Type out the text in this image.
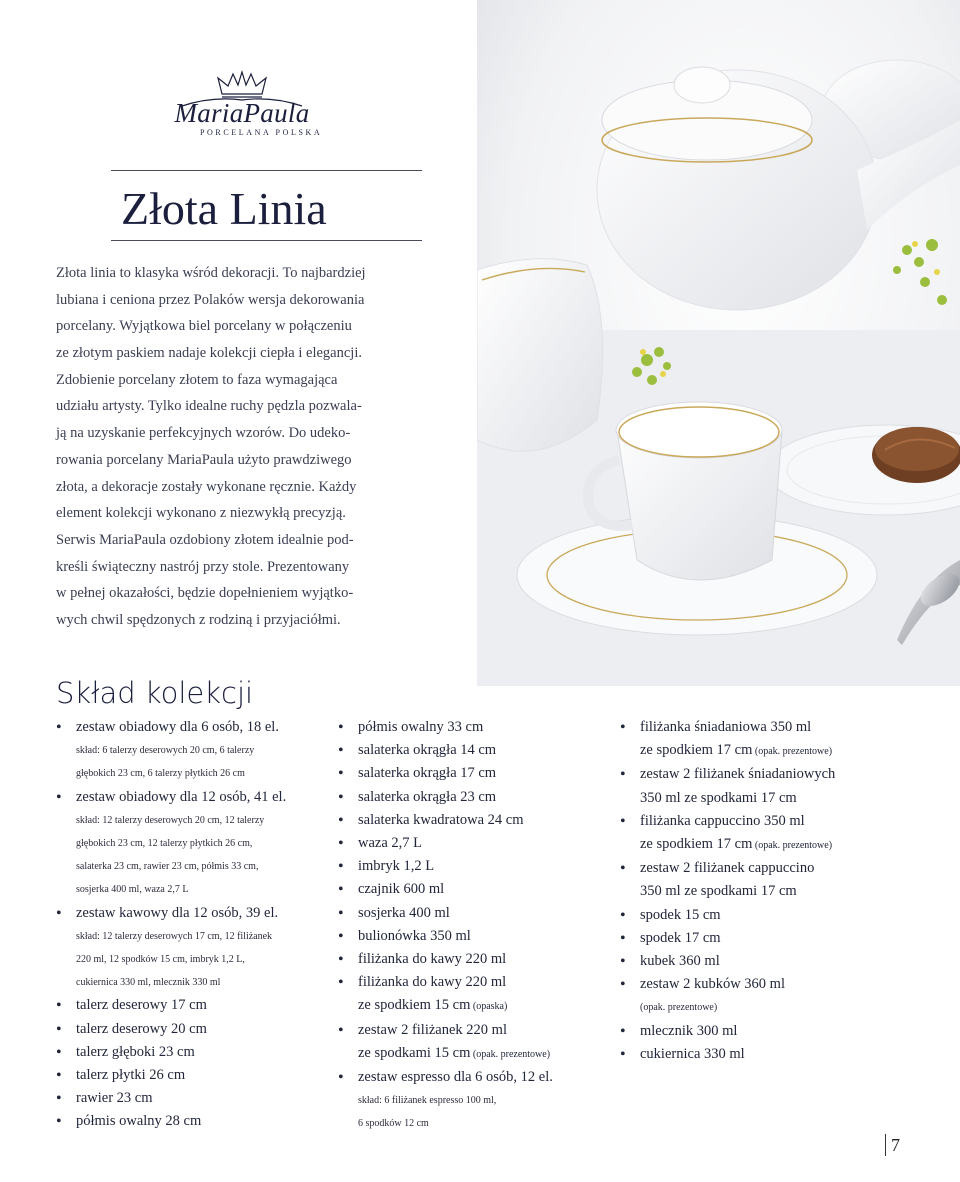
MariaPaula
PORCELANA POLSKA
Złota Linia

Złota linia to klasyka wśród dekoracji. To najbardziej
lubiana i ceniona przez Polaków wersja dekorowania
porcelany. Wyjątkowa biel porcelany w połączeniu
ze złotym paskiem nadaje kolekcji ciepła i elegancji.
Zdobienie porcelany złotem to faza wymagająca
udziału artysty. Tylko idealne ruchy pędzla pozwala-
ją na uzyskanie perfekcyjnych wzorów. Do udeko-
rowania porcelany MariaPaula użyto prawdziwego
złota, a dekoracje zostały wykonane ręcznie. Każdy
element kolekcji wykonano z niezwykłą precyzją.
Serwis MariaPaula ozdobiony złotem idealnie pod-
kreśli świąteczny nastrój przy stole. Prezentowany
w pełnej okazałości, będzie dopełnieniem wyjątko-
wych chwil spędzonych z rodziną i przyjaciółmi.

Skład kolekcji
• zestaw obiadowy dla 6 osób, 18 el.
skład: 6 talerzy deserowych 20 cm, 6 talerzy
głębokich 23 cm, 6 talerzy płytkich 26 cm
• zestaw obiadowy dla 12 osób, 41 el.
skład: 12 talerzy deserowych 20 cm, 12 talerzy
głębokich 23 cm, 12 talerzy płytkich 26 cm,
salaterka 23 cm, rawier 23 cm, półmis 33 cm,
sosjerka 400 ml, waza 2,7 L
• zestaw kawowy dla 12 osób, 39 el.
skład: 12 talerzy deserowych 17 cm, 12 filiżanek
220 ml, 12 spodków 15 cm, imbryk 1,2 L,
cukiernica 330 ml, mlecznik 330 ml
• talerz deserowy 17 cm
• talerz deserowy 20 cm
• talerz głęboki 23 cm
• talerz płytki 26 cm
• rawier 23 cm
• półmis owalny 28 cm
• półmis owalny 33 cm
• salaterka okrągła 14 cm
• salaterka okrągła 17 cm
• salaterka okrągła 23 cm
• salaterka kwadratowa 24 cm
• waza 2,7 L
• imbryk 1,2 L
• czajnik 600 ml
• sosjerka 400 ml
• bulionówka 350 ml
• filiżanka do kawy 220 ml
• filiżanka do kawy 220 ml
ze spodkiem 15 cm (opaska)
• zestaw 2 filiżanek 220 ml
ze spodkami 15 cm (opak. prezentowe)
• zestaw espresso dla 6 osób, 12 el.
skład: 6 filiżanek espresso 100 ml,
6 spodków 12 cm
• filiżanka śniadaniowa 350 ml
ze spodkiem 17 cm (opak. prezentowe)
• zestaw 2 filiżanek śniadaniowych
350 ml ze spodkami 17 cm
• filiżanka cappuccino 350 ml
ze spodkiem 17 cm (opak. prezentowe)
• zestaw 2 filiżanek cappuccino
350 ml ze spodkami 17 cm
• spodek 15 cm
• spodek 17 cm
• kubek 360 ml
• zestaw 2 kubków 360 ml
(opak. prezentowe)
• mlecznik 300 ml
• cukiernica 330 ml
7
